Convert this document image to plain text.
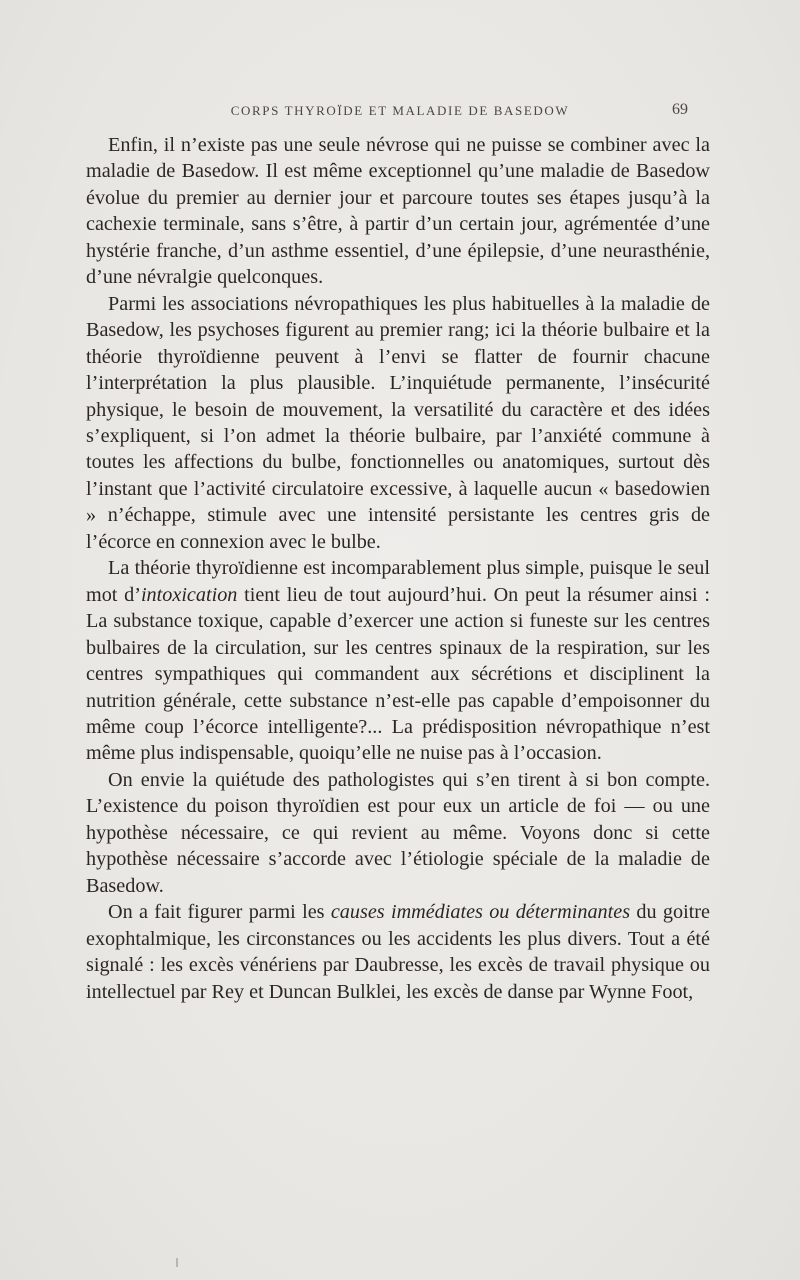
CORPS THYROÏDE ET MALADIE DE BASEDOW	69

Enfin, il n’existe pas une seule névrose qui ne puisse se combiner avec la maladie de Basedow. Il est même exceptionnel qu’une maladie de Basedow évolue du premier au dernier jour et parcoure toutes ses étapes jusqu’à la cachexie terminale, sans s’être, à partir d’un certain jour, agrémentée d’une hystérie franche, d’un asthme essentiel, d’une épilepsie, d’une neurasthénie, d’une névralgie quelconques.

Parmi les associations névropathiques les plus habituelles à la maladie de Basedow, les psychoses figurent au premier rang; ici la théorie bulbaire et la théorie thyroïdienne peuvent à l’envi se flatter de fournir chacune l’interprétation la plus plausible. L’inquiétude permanente, l’insécurité physique, le besoin de mouvement, la versatilité du caractère et des idées s’expliquent, si l’on admet la théorie bulbaire, par l’anxiété commune à toutes les affections du bulbe, fonctionnelles ou anatomiques, surtout dès l’instant que l’activité circulatoire excessive, à laquelle aucun « basedowien » n’échappe, stimule avec une intensité persistante les centres gris de l’écorce en connexion avec le bulbe.

La théorie thyroïdienne est incomparablement plus simple, puisque le seul mot d’intoxication tient lieu de tout aujourd’hui. On peut la résumer ainsi : La substance toxique, capable d’exercer une action si funeste sur les centres bulbaires de la circulation, sur les centres spinaux de la respiration, sur les centres sympathiques qui commandent aux sécrétions et disciplinent la nutrition générale, cette substance n’est-elle pas capable d’empoisonner du même coup l’écorce intelligente?... La prédisposition névropathique n’est même plus indispensable, quoiqu’elle ne nuise pas à l’occasion.

On envie la quiétude des pathologistes qui s’en tirent à si bon compte. L’existence du poison thyroïdien est pour eux un article de foi — ou une hypothèse nécessaire, ce qui revient au même. Voyons donc si cette hypothèse nécessaire s’accorde avec l’étiologie spéciale de la maladie de Basedow.

On a fait figurer parmi les causes immédiates ou déterminantes du goitre exophtalmique, les circonstances ou les accidents les plus divers. Tout a été signalé : les excès vénériens par Daubresse, les excès de travail physique ou intellectuel par Rey et Duncan Bulklei, les excès de danse par Wynne Foot,
